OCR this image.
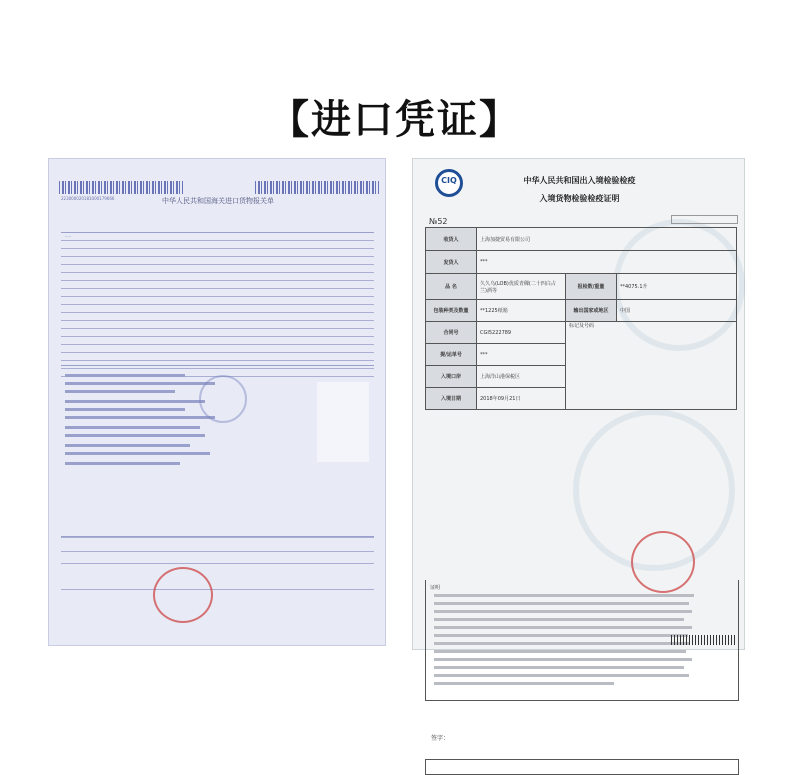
【进口凭证】
223000020181000179666	中华人民共和国海关进口货物报关单
·····
CIQ	中华人民共和国出入境检验检疫
入境货物检验检疫证明
№52
收货人	上海加捷贸易有限公司		
发货人	***		
品 名	久久乌(LOB)优质青稞(二十四白占兰)酒等	报检数/重量	**4075.1升
包装种类及数量	**1225纸箱	输出国家或地区	中国
合同号	CGI5222789	标记及号码	
提/运单号	***		
入境口岸	上海洋山港保税区		
入境日期	2018年09月21日		
证明
签字：
